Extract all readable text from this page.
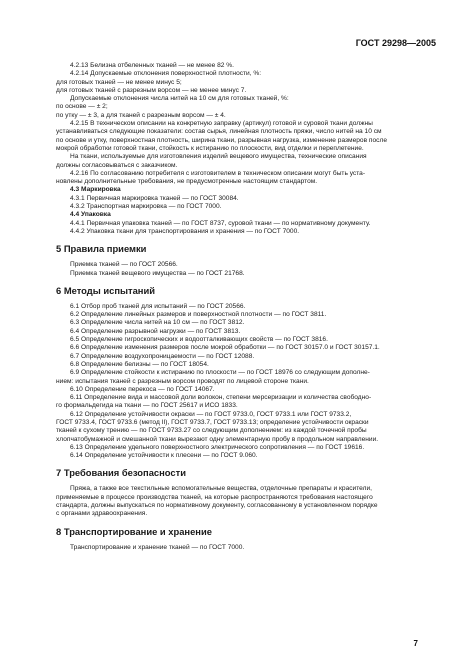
ГОСТ 29298—2005

4.2.13 Белизна отбеленных тканей — не менее 82 %.

4.2.14 Допускаемые отклонения поверхностной плотности, %:

для готовых тканей — не менее минус 5;

для готовых тканей с разрезным ворсом — не менее минус 7.

Допускаемые отклонения числа нитей на 10 см для готовых тканей, %:

по основе — ± 2;

по утку — ± 3, а для тканей с разрезным ворсом — ± 4.

4.2.15 В техническом описании на конкретную заправку (артикул) готовой и суровой ткани должны

устанавливаться следующие показатели: состав сырья, линейная плотность пряжи, число нитей на 10 см

по основе и утку, поверхностная плотность, ширина ткани, разрывная нагрузка, изменение размеров после

мокрой обработки готовой ткани, стойкость к истиранию по плоскости, вид отделки и переплетение.

На ткани, используемые для изготовления изделий вещевого имущества, технические описания

должны согласовываться с заказчиком.

4.2.16 По согласованию потребителя с изготовителем в техническом описании могут быть уста-

новлены дополнительные требования, не предусмотренные настоящим стандартом.

4.3 Маркировка

4.3.1 Первичная маркировка тканей — по ГОСТ 30084.

4.3.2 Транспортная маркировка — по ГОСТ 7000.

4.4 Упаковка

4.4.1 Первичная упаковка тканей — по ГОСТ 8737, суровой ткани — по нормативному документу.

4.4.2 Упаковка ткани для транспортирования и хранения — по ГОСТ 7000.

5 Правила приемки

Приемка тканей — по ГОСТ 20566.

Приемка тканей вещевого имущества — по ГОСТ 21768.

6 Методы испытаний

6.1 Отбор проб тканей для испытаний — по ГОСТ 20566.

6.2 Определение линейных размеров и поверхностной плотности — по ГОСТ 3811.

6.3 Определение числа нитей на 10 см — по ГОСТ 3812.

6.4 Определение разрывной нагрузки — по ГОСТ 3813.

6.5 Определение гигроскопических и водоотталкивающих свойств — по ГОСТ 3816.

6.6 Определение изменения размеров после мокрой обработки — по ГОСТ 30157.0 и ГОСТ 30157.1.

6.7 Определение воздухопроницаемости — по ГОСТ 12088.

6.8 Определение белизны — по ГОСТ 18054.

6.9 Определение стойкости к истиранию по плоскости — по ГОСТ 18976 со следующим дополне-

нием: испытания тканей с разрезным ворсом проводят по лицевой стороне ткани.

6.10 Определение перекоса — по ГОСТ 14067.

6.11 Определение вида и массовой доли волокон, степени мерсеризации и количества свободно-

го формальдегида на ткани — по ГОСТ 25617 и ИСО 1833.

6.12 Определение устойчивости окраски — по ГОСТ 9733.0, ГОСТ 9733.1 или ГОСТ 9733.2,

ГОСТ 9733.4, ГОСТ 9733.6 (метод II), ГОСТ 9733.7, ГОСТ 9733.13; определение устойчивости окраски

тканей к сухому трению — по ГОСТ 9733.27 со следующим дополнением: из каждой точечной пробы

хлопчатобумажной и смешанной ткани вырезают одну элементарную пробу в продольном направлении.

6.13 Определение удельного поверхностного электрического сопротивления — по ГОСТ 19616.

6.14 Определение устойчивости к плесени — по ГОСТ 9.060.

7 Требования безопасности

Пряжа, а также все текстильные вспомогательные вещества, отделочные препараты и красители,

применяемые в процессе производства тканей, на которые распространяются требования настоящего

стандарта, должны выпускаться по нормативному документу, согласованному в установленном порядке

с органами здравоохранения.

8 Транспортирование и хранение

Транспортирование и хранение тканей — по ГОСТ 7000.

7
